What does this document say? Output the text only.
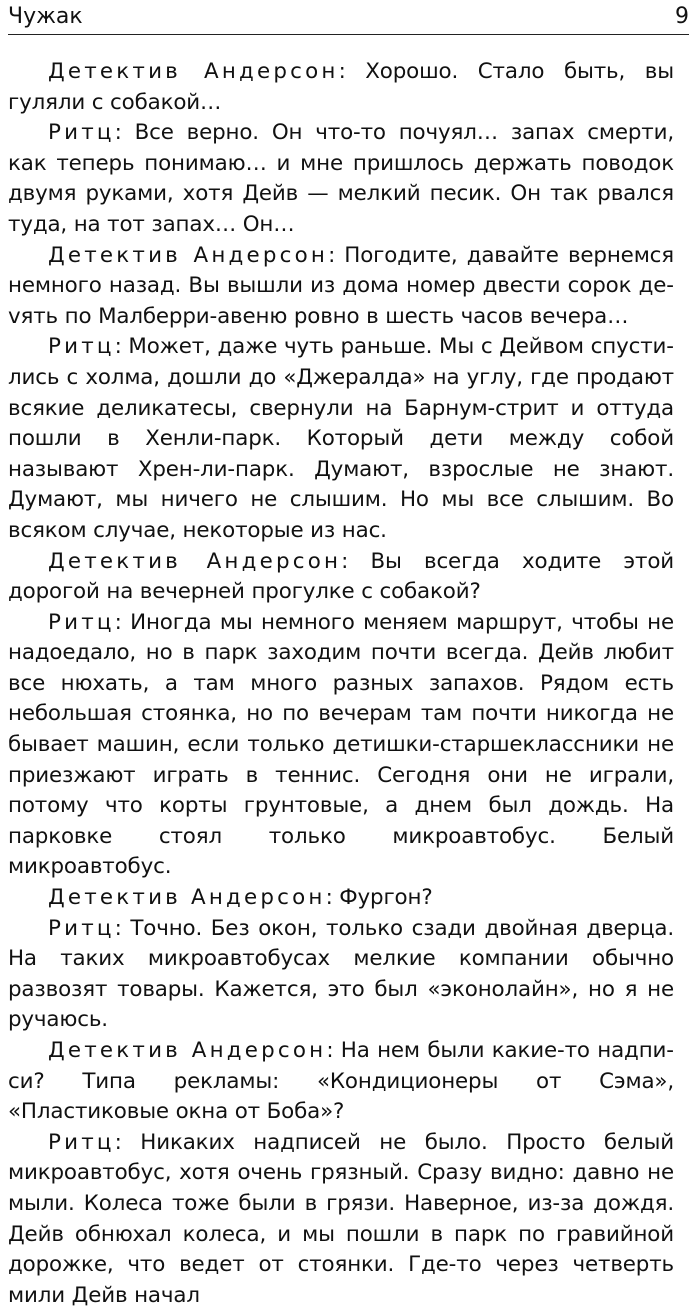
Чужак	9

Детектив Андерсон: Хорошо. Стало быть, вы гуляли с собакой…

Ритц: Все верно. Он что-то почуял… запах смерти, как теперь понимаю… и мне пришлось держать поводок двумя руками, хотя Дейв — мелкий песик. Он так рвался туда, на тот запах… Он…

Детектив Андерсон: Погодите, давайте вернемся немного назад. Вы вышли из дома номер двести сорок деvять по Малберри-авеню ровно в шесть часов вечера…

Ритц: Может, даже чуть раньше. Мы с Дейвом спустились с холма, дошли до «Джералда» на углу, где продают всякие деликатесы, свернули на Барнум-стрит и оттуда пошли в Хенли-парк. Который дети между собой называют Хрен-ли-парк. Думают, взрослые не знают. Думают, мы ничего не слышим. Но мы все слышим. Во всяком случае, некоторые из нас.

Детектив Андерсон: Вы всегда ходите этой дорогой на вечерней прогулке с собакой?

Ритц: Иногда мы немного меняем маршрут, чтобы не надоедало, но в парк заходим почти всегда. Дейв любит все нюхать, а там много разных запахов. Рядом есть небольшая стоянка, но по вечерам там почти никогда не бывает машин, если только детишки-старшеклассники не приезжают играть в теннис. Сегодня они не играли, потому что корты грунтовые, а днем был дождь. На парковке стоял только микроавтобус. Белый микроавтобус.

Детектив Андерсон: Фургон?

Ритц: Точно. Без окон, только сзади двойная дверца. На таких микроавтобусах мелкие компании обычно развозят товары. Кажется, это был «эконолайн», но я не ручаюсь.

Детектив Андерсон: На нем были какие-то надписи? Типа рекламы: «Кондиционеры от Сэма», «Пластиковые окна от Боба»?

Ритц: Никаких надписей не было. Просто белый микроавтобус, хотя очень грязный. Сразу видно: давно не мыли. Колеса тоже были в грязи. Наверное, из-за дождя. Дейв обнюхал колеса, и мы пошли в парк по гравийной дорожке, что ведет от стоянки. Где-то через четверть мили Дейв начал
